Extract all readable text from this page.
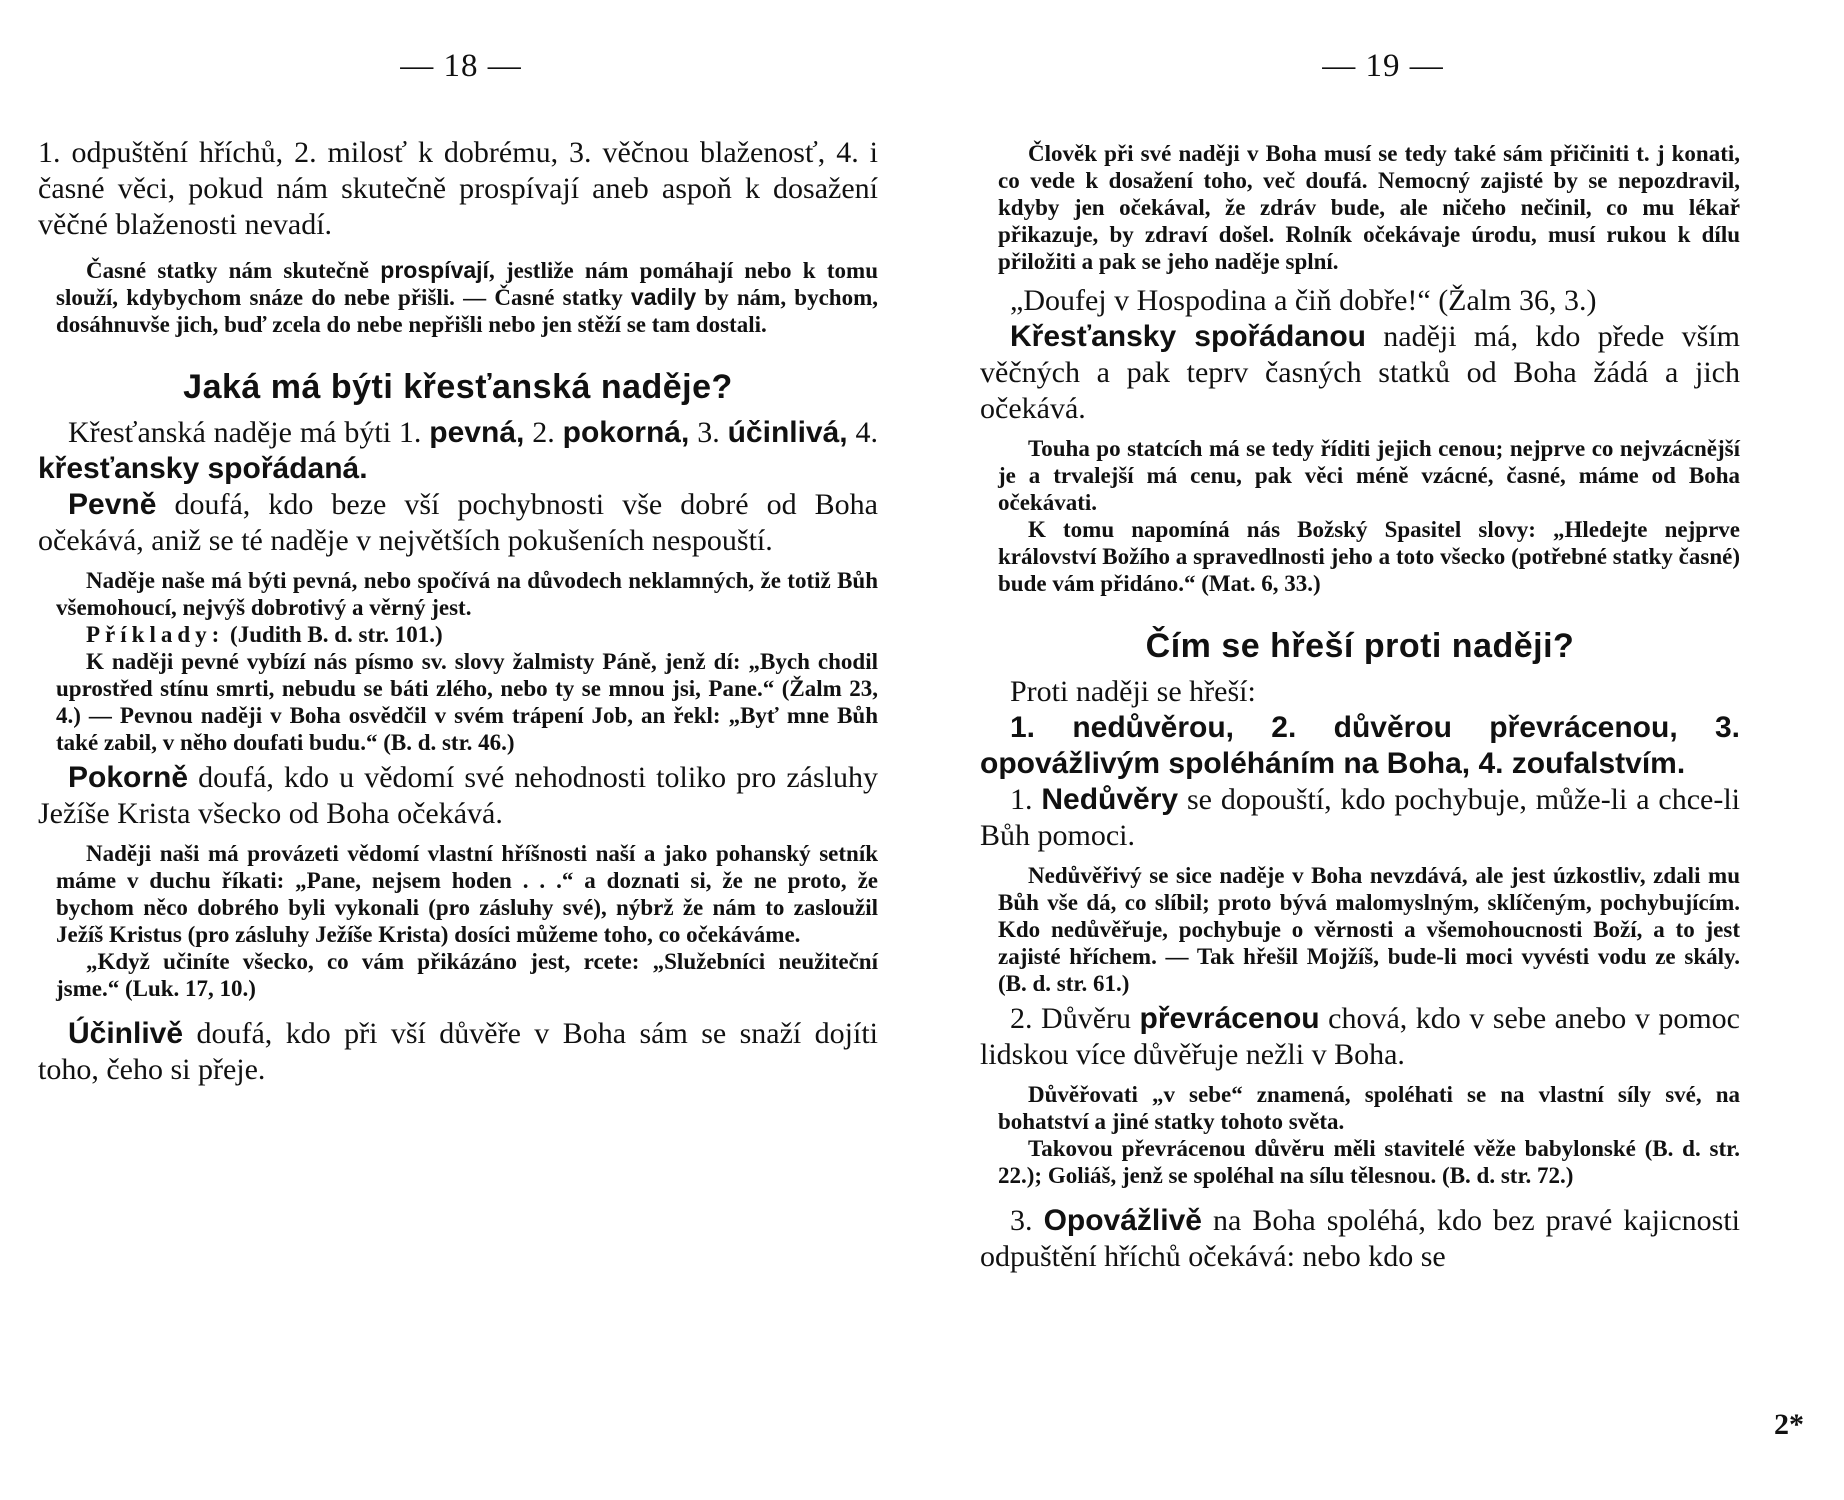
— 18 —

1. odpuštění hříchů, 2. milosť k dobrému, 3. věčnou blaženosť, 4. i časné věci, pokud nám skutečně prospívají aneb aspoň k dosažení věčné blaženosti nevadí.

Časné statky nám skutečně prospívají, jestliže nám pomáhají nebo k tomu slouží, kdybychom snáze do nebe přišli. — Časné statky vadily by nám, bychom, dosáhnuvše jich, buď zcela do nebe nepřišli nebo jen stěží se tam dostali.

Jaká má býti křesťanská naděje?

Křesťanská naděje má býti 1. pevná, 2. pokorná, 3. účinlivá, 4. křesťansky spořádaná.

Pevně doufá, kdo beze vší pochybnosti vše dobré od Boha očekává, aniž se té naděje v největších pokušeních nespouští.

Naděje naše má býti pevná, nebo spočívá na důvodech neklamných, že totiž Bůh všemohoucí, nejvýš dobrotivý a věrný jest.

Příklady: (Judith B. d. str. 101.)

K naději pevné vybízí nás písmo sv. slovy žalmisty Páně, jenž dí: „Bych chodil uprostřed stínu smrti, nebudu se báti zlého, nebo ty se mnou jsi, Pane.“ (Žalm 23, 4.) — Pevnou naději v Boha osvědčil v svém trápení Job, an řekl: „Byť mne Bůh také zabil, v něho doufati budu.“ (B. d. str. 46.)

Pokorně doufá, kdo u vědomí své nehodnosti toliko pro zásluhy Ježíše Krista všecko od Boha očekává.

Naději naši má provázeti vědomí vlastní hříšnosti naší a jako pohanský setník máme v duchu říkati: „Pane, nejsem hoden . . .“ a doznati si, že ne proto, že bychom něco dobrého byli vykonali (pro zásluhy své), nýbrž že nám to zasloužil Ježíš Kristus (pro zásluhy Ježíše Krista) dosíci můžeme toho, co očekáváme.

„Když učiníte všecko, co vám přikázáno jest, rcete: „Služebníci neužiteční jsme.“ (Luk. 17, 10.)

Účinlivě doufá, kdo při vší důvěře v Boha sám se snaží dojíti toho, čeho si přeje.

— 19 —

Člověk při své naději v Boha musí se tedy také sám přičiniti t. j konati, co vede k dosažení toho, več doufá. Nemocný zajisté by se nepozdravil, kdyby jen očekával, že zdráv bude, ale ničeho nečinil, co mu lékař přikazuje, by zdraví došel. Rolník očekávaje úrodu, musí rukou k dílu přiložiti a pak se jeho naděje splní.

„Doufej v Hospodina a čiň dobře!“ (Žalm 36, 3.)

Křesťansky spořádanou naději má, kdo přede vším věčných a pak teprv časných statků od Boha žádá a jich očekává.

Touha po statcích má se tedy říditi jejich cenou; nejprve co nejvzácnější je a trvalejší má cenu, pak věci méně vzácné, časné, máme od Boha očekávati.

K tomu napomíná nás Božský Spasitel slovy: „Hledejte nejprve království Božího a spravedlnosti jeho a toto všecko (potřebné statky časné) bude vám přidáno.“ (Mat. 6, 33.)

Čím se hřeší proti naději?

Proti naději se hřeší:

1. nedůvěrou, 2. důvěrou převrácenou, 3. opovážlivým spoléháním na Boha, 4. zoufalstvím.

1. Nedůvěry se dopouští, kdo pochybuje, může-li a chce-li Bůh pomoci.

Nedůvěřivý se sice naděje v Boha nevzdává, ale jest úzkostliv, zdali mu Bůh vše dá, co slíbil; proto bývá malomyslným, sklíčeným, pochybujícím. Kdo nedůvěřuje, pochybuje o věrnosti a všemohoucnosti Boží, a to jest zajisté hříchem. — Tak hřešil Mojžíš, bude-li moci vyvésti vodu ze skály. (B. d. str. 61.)

2. Důvěru převrácenou chová, kdo v sebe anebo v pomoc lidskou více důvěřuje nežli v Boha.

Důvěřovati „v sebe“ znamená, spoléhati se na vlastní síly své, na bohatství a jiné statky tohoto světa.

Takovou převrácenou důvěru měli stavitelé věže babylonské (B. d. str. 22.); Goliáš, jenž se spoléhal na sílu tělesnou. (B. d. str. 72.)

3. Opovážlivě na Boha spoléhá, kdo bez pravé kajicnosti odpuštění hříchů očekává: nebo kdo se

2*
